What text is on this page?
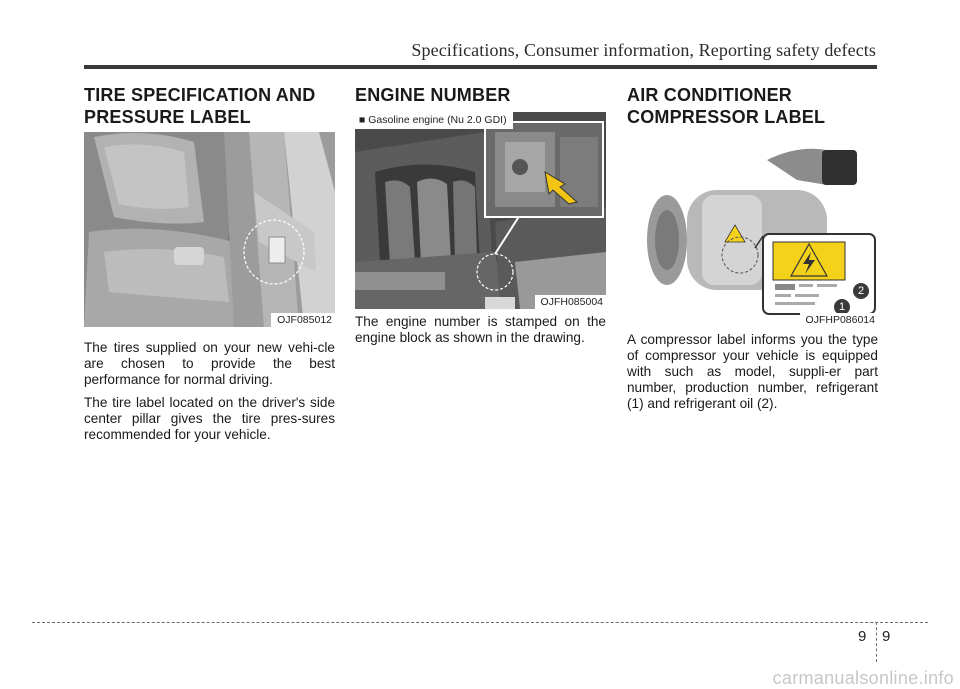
Specifications, Consumer information, Reporting safety defects
TIRE SPECIFICATION AND PRESSURE LABEL
OJF085012

The tires supplied on your new vehi-cle are chosen to provide the best performance for normal driving.

The tire label located on the driver's side center pillar gives the tire pres-sures recommended for your vehicle.

ENGINE NUMBER
■ Gasoline engine (Nu 2.0 GDI)
OJFH085004

The engine number is stamped on the engine block as shown in the drawing.

AIR CONDITIONER COMPRESSOR LABEL
2
1
OJFHP086014

A compressor label informs you the type of compressor your vehicle is equipped with such as model, suppli-er part number, production number, refrigerant (1) and refrigerant oil (2).

9 9
carmanualsonline.info
